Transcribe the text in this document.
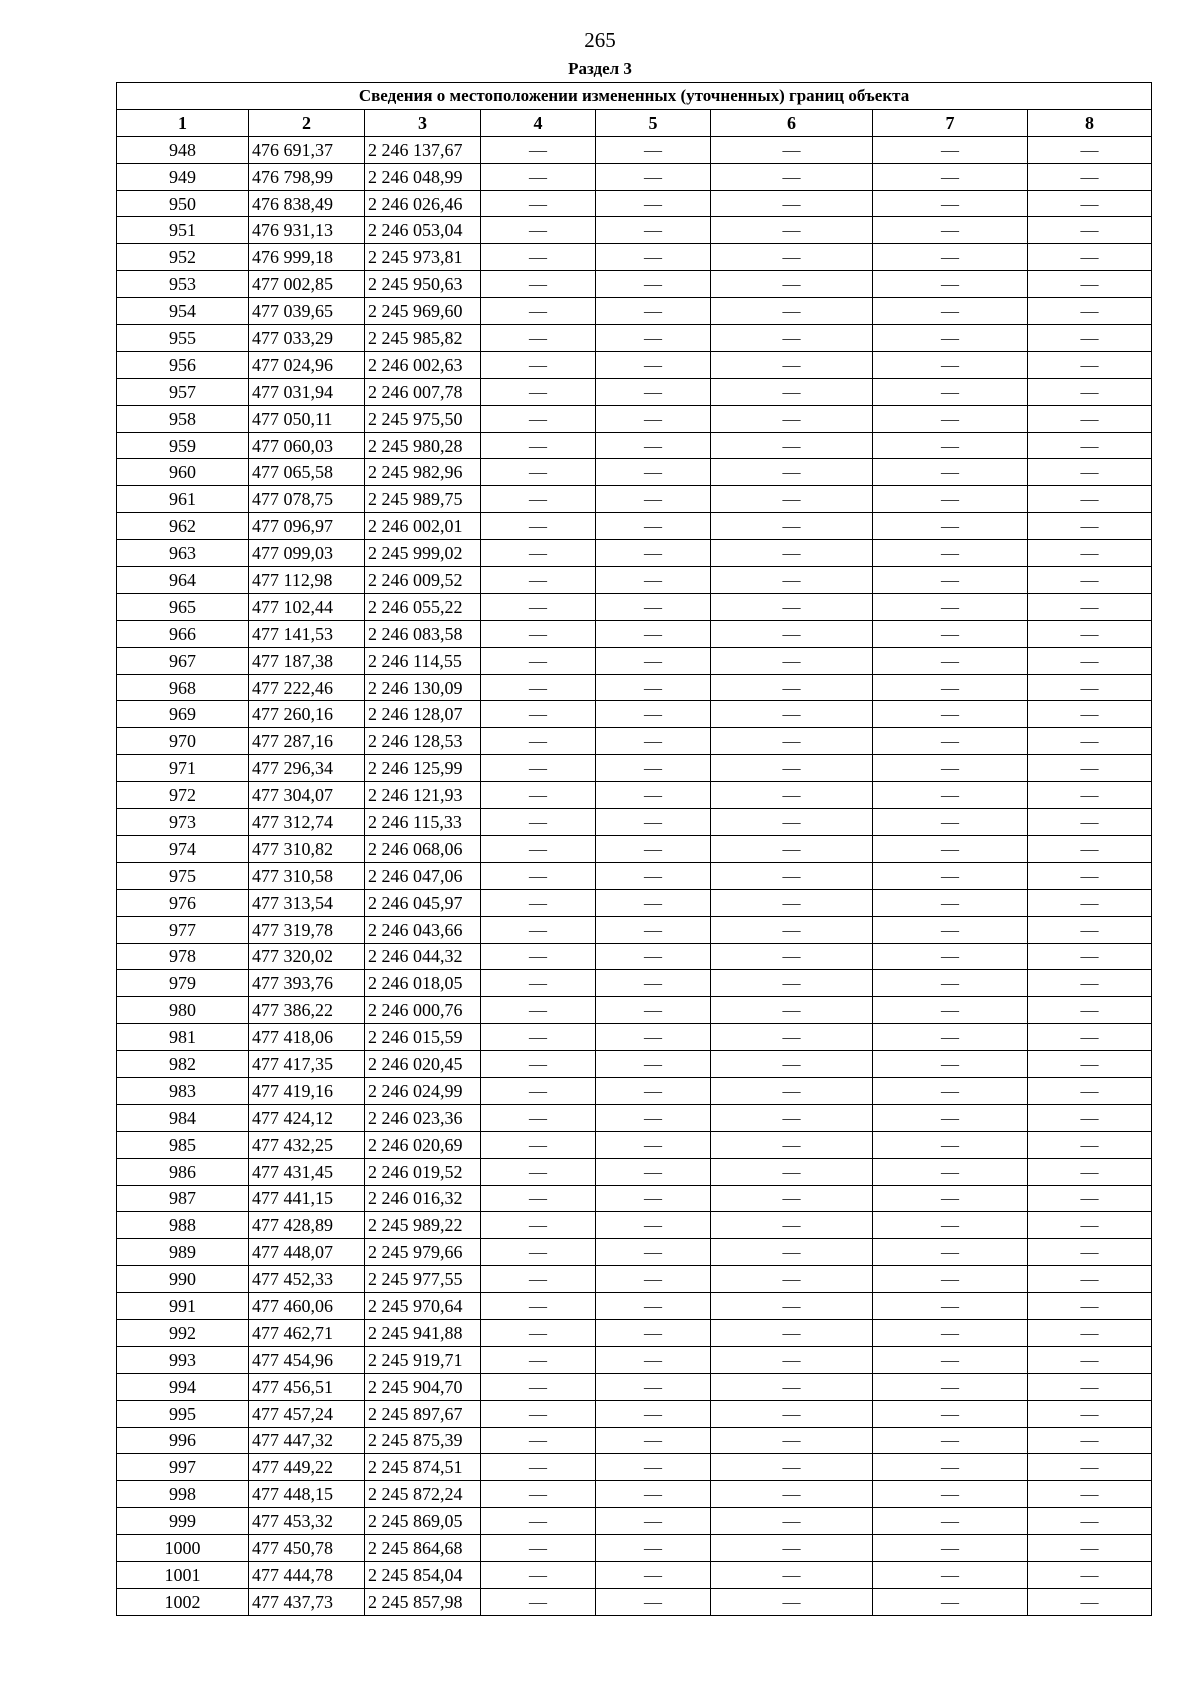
265
Раздел 3
Сведения о местоположении измененных (уточненных) границ объекта							
1	2	3	4	5	6	7	8
948	476 691,37	2 246 137,67	—	—	—	—	—
949	476 798,99	2 246 048,99	—	—	—	—	—
950	476 838,49	2 246 026,46	—	—	—	—	—
951	476 931,13	2 246 053,04	—	—	—	—	—
952	476 999,18	2 245 973,81	—	—	—	—	—
953	477 002,85	2 245 950,63	—	—	—	—	—
954	477 039,65	2 245 969,60	—	—	—	—	—
955	477 033,29	2 245 985,82	—	—	—	—	—
956	477 024,96	2 246 002,63	—	—	—	—	—
957	477 031,94	2 246 007,78	—	—	—	—	—
958	477 050,11	2 245 975,50	—	—	—	—	—
959	477 060,03	2 245 980,28	—	—	—	—	—
960	477 065,58	2 245 982,96	—	—	—	—	—
961	477 078,75	2 245 989,75	—	—	—	—	—
962	477 096,97	2 246 002,01	—	—	—	—	—
963	477 099,03	2 245 999,02	—	—	—	—	—
964	477 112,98	2 246 009,52	—	—	—	—	—
965	477 102,44	2 246 055,22	—	—	—	—	—
966	477 141,53	2 246 083,58	—	—	—	—	—
967	477 187,38	2 246 114,55	—	—	—	—	—
968	477 222,46	2 246 130,09	—	—	—	—	—
969	477 260,16	2 246 128,07	—	—	—	—	—
970	477 287,16	2 246 128,53	—	—	—	—	—
971	477 296,34	2 246 125,99	—	—	—	—	—
972	477 304,07	2 246 121,93	—	—	—	—	—
973	477 312,74	2 246 115,33	—	—	—	—	—
974	477 310,82	2 246 068,06	—	—	—	—	—
975	477 310,58	2 246 047,06	—	—	—	—	—
976	477 313,54	2 246 045,97	—	—	—	—	—
977	477 319,78	2 246 043,66	—	—	—	—	—
978	477 320,02	2 246 044,32	—	—	—	—	—
979	477 393,76	2 246 018,05	—	—	—	—	—
980	477 386,22	2 246 000,76	—	—	—	—	—
981	477 418,06	2 246 015,59	—	—	—	—	—
982	477 417,35	2 246 020,45	—	—	—	—	—
983	477 419,16	2 246 024,99	—	—	—	—	—
984	477 424,12	2 246 023,36	—	—	—	—	—
985	477 432,25	2 246 020,69	—	—	—	—	—
986	477 431,45	2 246 019,52	—	—	—	—	—
987	477 441,15	2 246 016,32	—	—	—	—	—
988	477 428,89	2 245 989,22	—	—	—	—	—
989	477 448,07	2 245 979,66	—	—	—	—	—
990	477 452,33	2 245 977,55	—	—	—	—	—
991	477 460,06	2 245 970,64	—	—	—	—	—
992	477 462,71	2 245 941,88	—	—	—	—	—
993	477 454,96	2 245 919,71	—	—	—	—	—
994	477 456,51	2 245 904,70	—	—	—	—	—
995	477 457,24	2 245 897,67	—	—	—	—	—
996	477 447,32	2 245 875,39	—	—	—	—	—
997	477 449,22	2 245 874,51	—	—	—	—	—
998	477 448,15	2 245 872,24	—	—	—	—	—
999	477 453,32	2 245 869,05	—	—	—	—	—
1000	477 450,78	2 245 864,68	—	—	—	—	—
1001	477 444,78	2 245 854,04	—	—	—	—	—
1002	477 437,73	2 245 857,98	—	—	—	—	—
